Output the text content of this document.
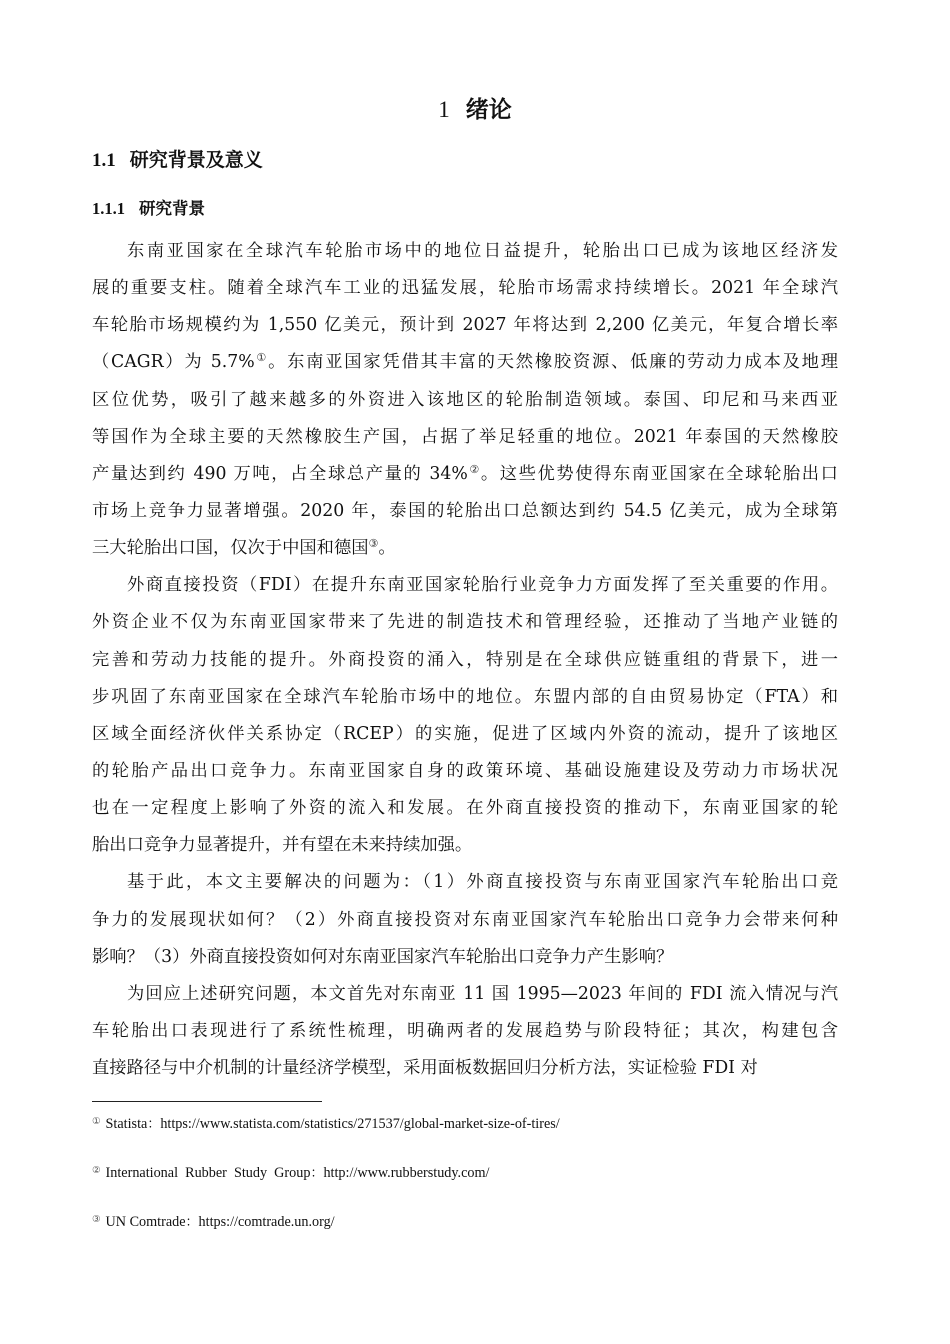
1 绪论
1.1 研究背景及意义
1.1.1 研究背景
东南亚国家在全球汽车轮胎市场中的地位日益提升，轮胎出口已成为该地区经济发
展的重要支柱。随着全球汽车工业的迅猛发展，轮胎市场需求持续增长。2021 年全球汽
车轮胎市场规模约为 1,550 亿美元，预计到 2027 年将达到 2,200 亿美元，年复合增长率
（CAGR）为 5.7%①。东南亚国家凭借其丰富的天然橡胶资源、低廉的劳动力成本及地理
区位优势，吸引了越来越多的外资进入该地区的轮胎制造领域。泰国、印尼和马来西亚
等国作为全球主要的天然橡胶生产国，占据了举足轻重的地位。2021 年泰国的天然橡胶
产量达到约 490 万吨，占全球总产量的 34%②。这些优势使得东南亚国家在全球轮胎出口
市场上竞争力显著增强。2020 年，泰国的轮胎出口总额达到约 54.5 亿美元，成为全球第
三大轮胎出口国，仅次于中国和德国③。
外商直接投资（FDI）在提升东南亚国家轮胎行业竞争力方面发挥了至关重要的作用。
外资企业不仅为东南亚国家带来了先进的制造技术和管理经验，还推动了当地产业链的
完善和劳动力技能的提升。外商投资的涌入，特别是在全球供应链重组的背景下，进一
步巩固了东南亚国家在全球汽车轮胎市场中的地位。东盟内部的自由贸易协定（FTA）和
区域全面经济伙伴关系协定（RCEP）的实施，促进了区域内外资的流动，提升了该地区
的轮胎产品出口竞争力。东南亚国家自身的政策环境、基础设施建设及劳动力市场状况
也在一定程度上影响了外资的流入和发展。在外商直接投资的推动下，东南亚国家的轮
胎出口竞争力显著提升，并有望在未来持续加强。
基于此，本文主要解决的问题为：（1）外商直接投资与东南亚国家汽车轮胎出口竞
争力的发展现状如何？（2）外商直接投资对东南亚国家汽车轮胎出口竞争力会带来何种
影响？（3）外商直接投资如何对东南亚国家汽车轮胎出口竞争力产生影响？
为回应上述研究问题，本文首先对东南亚 11 国 1995—2023 年间的 FDI 流入情况与汽
车轮胎出口表现进行了系统性梳理，明确两者的发展趋势与阶段特征；其次，构建包含
直接路径与中介机制的计量经济学模型，采用面板数据回归分析方法，实证检验 FDI 对
① Statista：https://www.statista.com/statistics/271537/global-market-size-of-tires/
② International  Rubber  Study  Group：http://www.rubberstudy.com/
③ UN Comtrade：https://comtrade.un.org/
